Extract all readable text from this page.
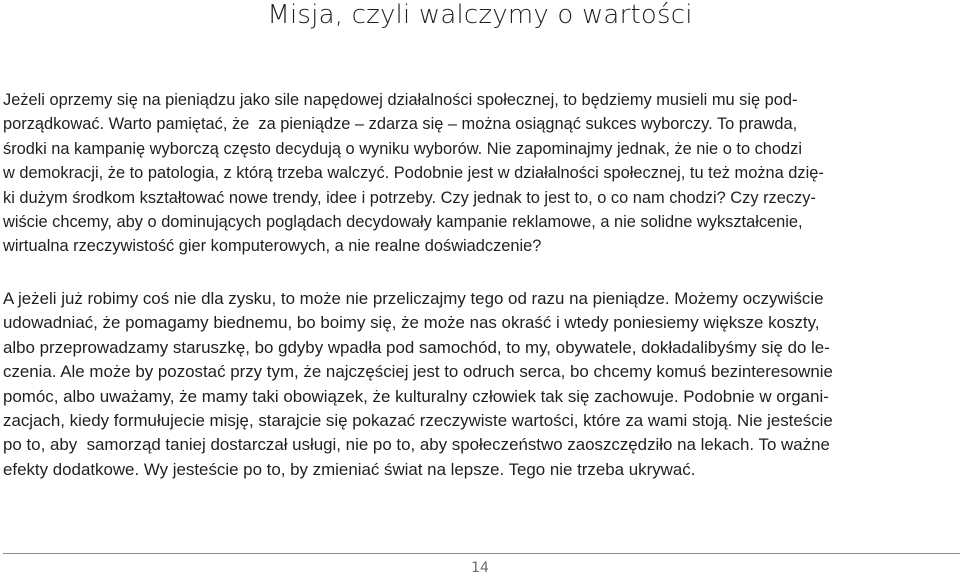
Misja, czyli walczymy o wartości
Jeżeli oprzemy się na pieniądzu jako sile napędowej działalności społecznej, to będziemy musieli mu się pod-
porządkować. Warto pamiętać, że  za pieniądze – zdarza się – można osiągnąć sukces wyborczy. To prawda,
środki na kampanię wyborczą często decydują o wyniku wyborów. Nie zapominajmy jednak, że nie o to chodzi
w demokracji, że to patologia, z którą trzeba walczyć. Podobnie jest w działalności społecznej, tu też można dzię-
ki dużym środkom kształtować nowe trendy, idee i potrzeby. Czy jednak to jest to, o co nam chodzi? Czy rzeczy-
wiście chcemy, aby o dominujących poglądach decydowały kampanie reklamowe, a nie solidne wykształcenie,
wirtualna rzeczywistość gier komputerowych, a nie realne doświadczenie?
A jeżeli już robimy coś nie dla zysku, to może nie przeliczajmy tego od razu na pieniądze. Możemy oczywiście
udowadniać, że pomagamy biednemu, bo boimy się, że może nas okraść i wtedy poniesiemy większe koszty,
albo przeprowadzamy staruszkę, bo gdyby wpadła pod samochód, to my, obywatele, dokładalibyśmy się do le-
czenia. Ale może by pozostać przy tym, że najczęściej jest to odruch serca, bo chcemy komuś bezinteresownie
pomóc, albo uważamy, że mamy taki obowiązek, że kulturalny człowiek tak się zachowuje. Podobnie w organi-
zacjach, kiedy formułujecie misję, starajcie się pokazać rzeczywiste wartości, które za wami stoją. Nie jesteście
po to, aby  samorząd taniej dostarczał usługi, nie po to, aby społeczeństwo zaoszczędziło na lekach. To ważne
efekty dodatkowe. Wy jesteście po to, by zmieniać świat na lepsze. Tego nie trzeba ukrywać.
14
